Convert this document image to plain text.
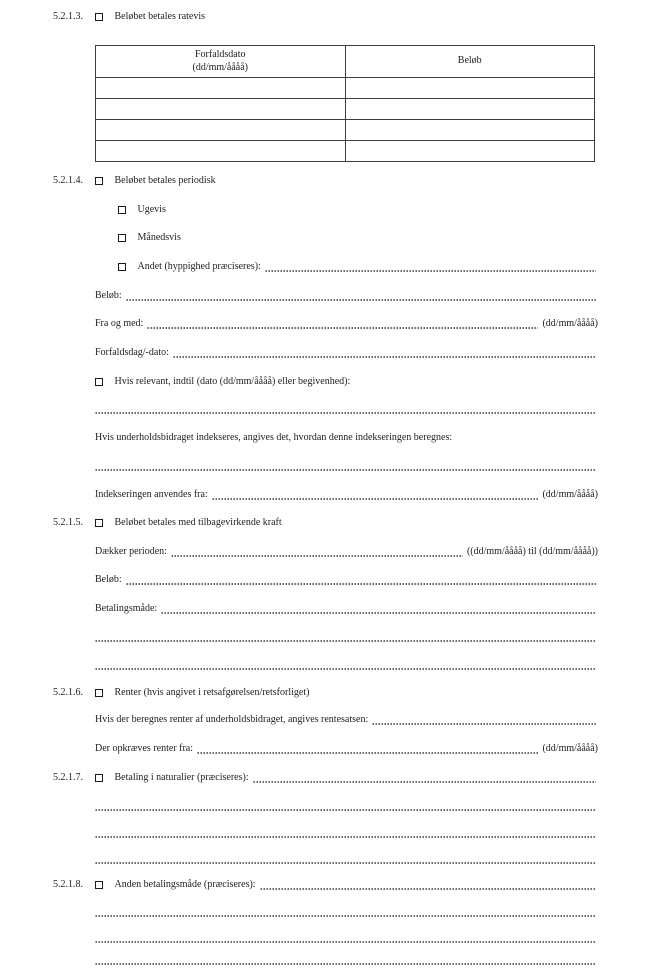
5.2.1.3.	Beløbet betales ratevis
Forfaldsdato
(dd/mm/åååå)	Beløb

5.2.1.4.	Beløbet betales periodisk
Ugevis
Månedsvis
Andet (hyppighed præciseres):
Beløb:
Fra og med:	(dd/mm/åååå)
Forfaldsdag/-dato:
Hvis relevant, indtil (dato (dd/mm/åååå) eller begivenhed):
Hvis underholdsbidraget indekseres, angives det, hvordan denne indekseringen beregnes:
Indekseringen anvendes fra:	(dd/mm/åååå)
5.2.1.5.	Beløbet betales med tilbagevirkende kraft
Dækker perioden:	((dd/mm/åååå) til (dd/mm/åååå))
Beløb:
Betalingsmåde:
5.2.1.6.	Renter (hvis angivet i retsafgørelsen/retsforliget)
Hvis der beregnes renter af underholdsbidraget, angives rentesatsen:
Der opkræves renter fra:	(dd/mm/åååå)
5.2.1.7.	Betaling i naturalier (præciseres):
5.2.1.8.	Anden betalingsmåde (præciseres):
